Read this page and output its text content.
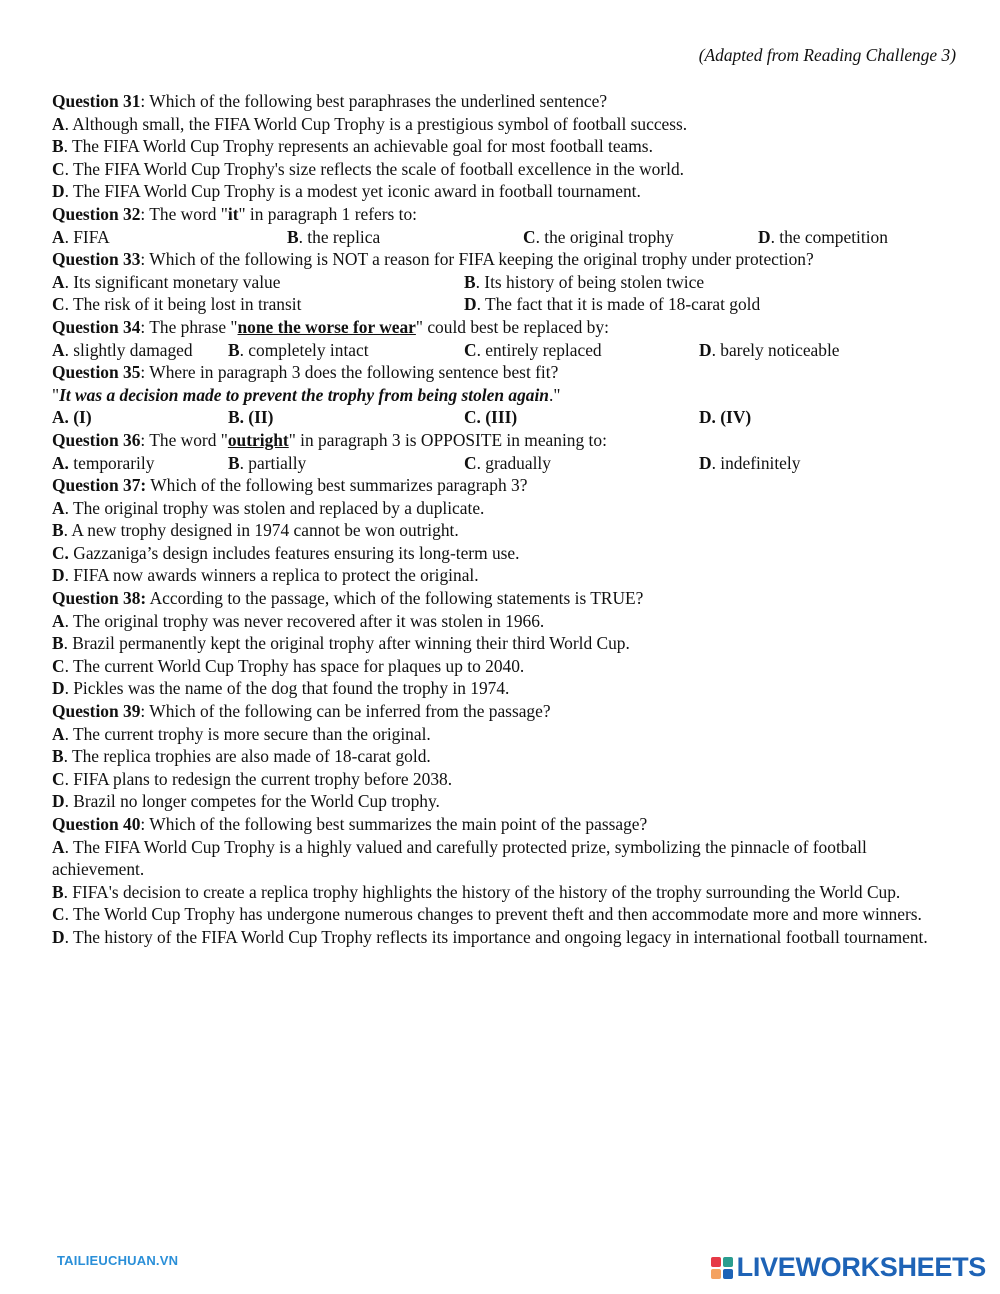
(Adapted from Reading Challenge 3)
Question 31: Which of the following best paraphrases the underlined sentence?
A. Although small, the FIFA World Cup Trophy is a prestigious symbol of football success.
B. The FIFA World Cup Trophy represents an achievable goal for most football teams.
C. The FIFA World Cup Trophy's size reflects the scale of football excellence in the world.
D. The FIFA World Cup Trophy is a modest yet iconic award in football tournament.
Question 32: The word "it" in paragraph 1 refers to:
A. FIFA	B. the replica	C. the original trophy	D. the competition
Question 33: Which of the following is NOT a reason for FIFA keeping the original trophy under protection?
A. Its significant monetary value	B. Its history of being stolen twice
C. The risk of it being lost in transit	D. The fact that it is made of 18-carat gold
Question 34: The phrase "none the worse for wear" could best be replaced by:
A. slightly damaged	B. completely intact	C. entirely replaced	D. barely noticeable
Question 35: Where in paragraph 3 does the following sentence best fit?
"It was a decision made to prevent the trophy from being stolen again."
A. (I)	B. (II)	C. (III)	D. (IV)
Question 36: The word "outright" in paragraph 3 is OPPOSITE in meaning to:
A. temporarily	B. partially	C. gradually	D. indefinitely
Question 37: Which of the following best summarizes paragraph 3?
A. The original trophy was stolen and replaced by a duplicate.
B. A new trophy designed in 1974 cannot be won outright.
C. Gazzaniga’s design includes features ensuring its long-term use.
D. FIFA now awards winners a replica to protect the original.
Question 38: According to the passage, which of the following statements is TRUE?
A. The original trophy was never recovered after it was stolen in 1966.
B. Brazil permanently kept the original trophy after winning their third World Cup.
C. The current World Cup Trophy has space for plaques up to 2040.
D. Pickles was the name of the dog that found the trophy in 1974.
Question 39: Which of the following can be inferred from the passage?
A. The current trophy is more secure than the original.
B. The replica trophies are also made of 18-carat gold.
C. FIFA plans to redesign the current trophy before 2038.
D. Brazil no longer competes for the World Cup trophy.
Question 40: Which of the following best summarizes the main point of the passage?
A. The FIFA World Cup Trophy is a highly valued and carefully protected prize, symbolizing the pinnacle of football achievement.
B. FIFA's decision to create a replica trophy highlights the history of the history of the trophy surrounding the World Cup.
C. The World Cup Trophy has undergone numerous changes to prevent theft and then accommodate more and more winners.
D. The history of the FIFA World Cup Trophy reflects its importance and ongoing legacy in international football tournament.
TAILIEUCHUAN.VN	LIVEWORKSHEETS
